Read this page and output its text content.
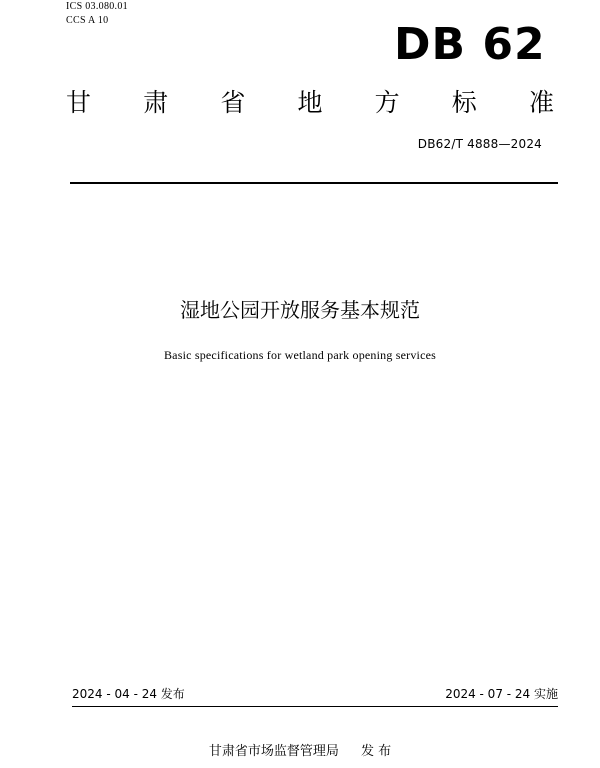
ICS 03.080.01
CCS A 10	DB 62
甘 肃 省 地 方 标 准
DB62/T 4888—2024
湿地公园开放服务基本规范
Basic specifications for wetland park opening services
2024 - 04 - 24 发布	2024 - 07 - 24 实施
甘肃省市场监督管理局 发 布
